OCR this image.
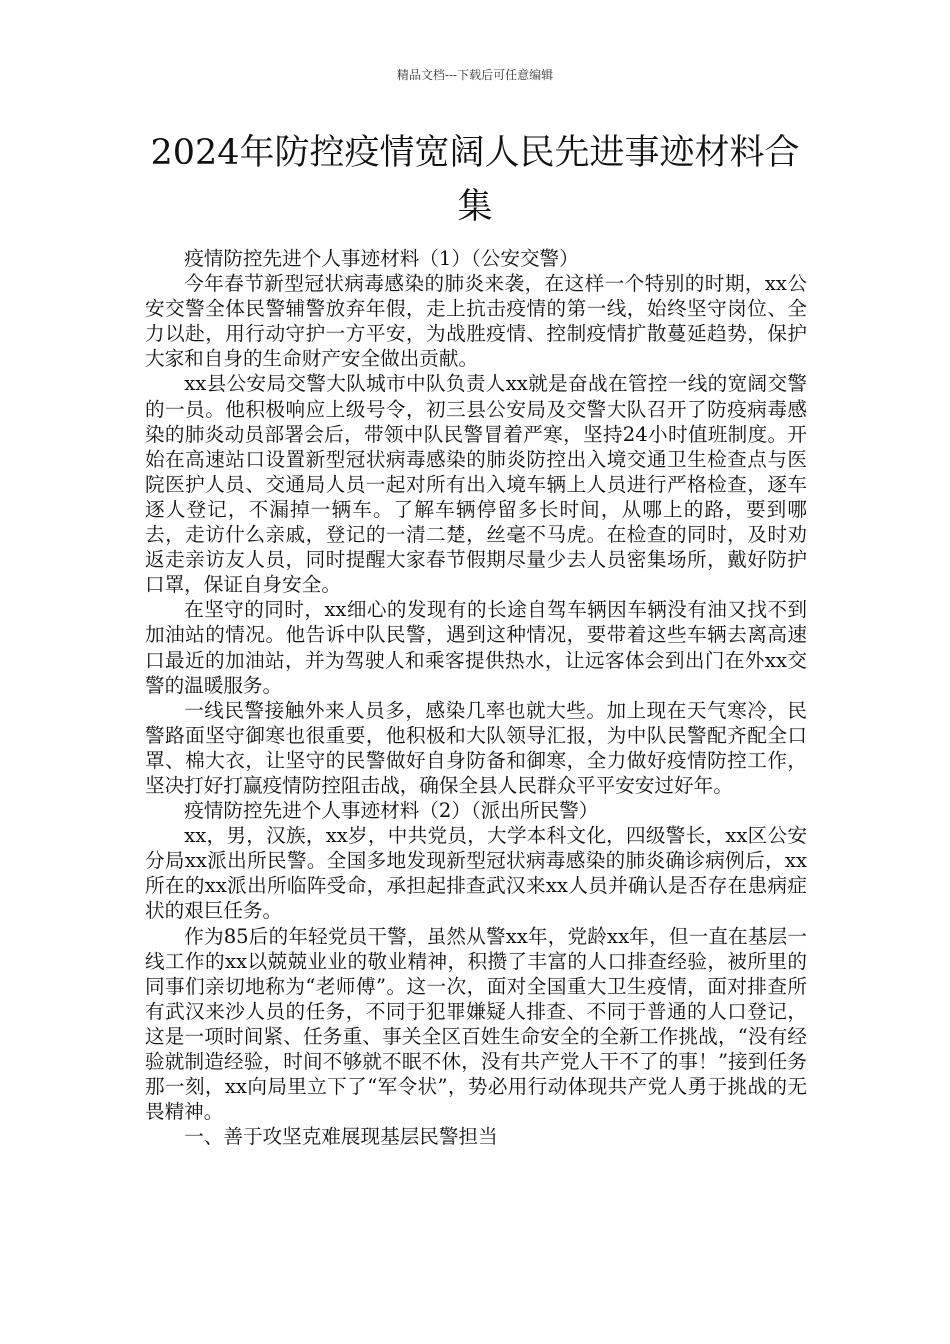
精品文档---下载后可任意编辑
2024年防控疫情宽阔人民先进事迹材料合集

疫情防控先进个人事迹材料（1）（公安交警）

今年春节新型冠状病毒感染的肺炎来袭，在这样一个特别的时期，xx公安交警全体民警辅警放弃年假，走上抗击疫情的第一线，始终坚守岗位、全力以赴，用行动守护一方平安，为战胜疫情、控制疫情扩散蔓延趋势，保护大家和自身的生命财产安全做出贡献。

xx县公安局交警大队城市中队负责人xx就是奋战在管控一线的宽阔交警的一员。他积极响应上级号令，初三县公安局及交警大队召开了防疫病毒感染的肺炎动员部署会后，带领中队民警冒着严寒，坚持24小时值班制度。开始在高速站口设置新型冠状病毒感染的肺炎防控出入境交通卫生检查点与医院医护人员、交通局人员一起对所有出入境车辆上人员进行严格检查，逐车逐人登记，不漏掉一辆车。了解车辆停留多长时间，从哪上的路，要到哪去，走访什么亲戚，登记的一清二楚，丝毫不马虎。在检查的同时，及时劝返走亲访友人员，同时提醒大家春节假期尽量少去人员密集场所，戴好防护口罩，保证自身安全。

在坚守的同时，xx细心的发现有的长途自驾车辆因车辆没有油又找不到加油站的情况。他告诉中队民警，遇到这种情况，要带着这些车辆去离高速口最近的加油站，并为驾驶人和乘客提供热水，让远客体会到出门在外xx交警的温暖服务。

一线民警接触外来人员多，感染几率也就大些。加上现在天气寒冷，民警路面坚守御寒也很重要，他积极和大队领导汇报，为中队民警配齐配全口罩、棉大衣，让坚守的民警做好自身防备和御寒，全力做好疫情防控工作，坚决打好打赢疫情防控阻击战，确保全县人民群众平平安安过好年。

疫情防控先进个人事迹材料（2）（派出所民警）

xx，男，汉族，xx岁，中共党员，大学本科文化，四级警长，xx区公安分局xx派出所民警。全国多地发现新型冠状病毒感染的肺炎确诊病例后，xx所在的xx派出所临阵受命，承担起排查武汉来xx人员并确认是否存在患病症状的艰巨任务。

作为85后的年轻党员干警，虽然从警xx年，党龄xx年，但一直在基层一线工作的xx以兢兢业业的敬业精神，积攒了丰富的人口排查经验，被所里的同事们亲切地称为“老师傅”。这一次，面对全国重大卫生疫情，面对排查所有武汉来沙人员的任务，不同于犯罪嫌疑人排查、不同于普通的人口登记，这是一项时间紧、任务重、事关全区百姓生命安全的全新工作挑战，“没有经验就制造经验，时间不够就不眠不休，没有共产党人干不了的事！”接到任务那一刻，xx向局里立下了“军令状”，势必用行动体现共产党人勇于挑战的无畏精神。

一、善于攻坚克难展现基层民警担当
